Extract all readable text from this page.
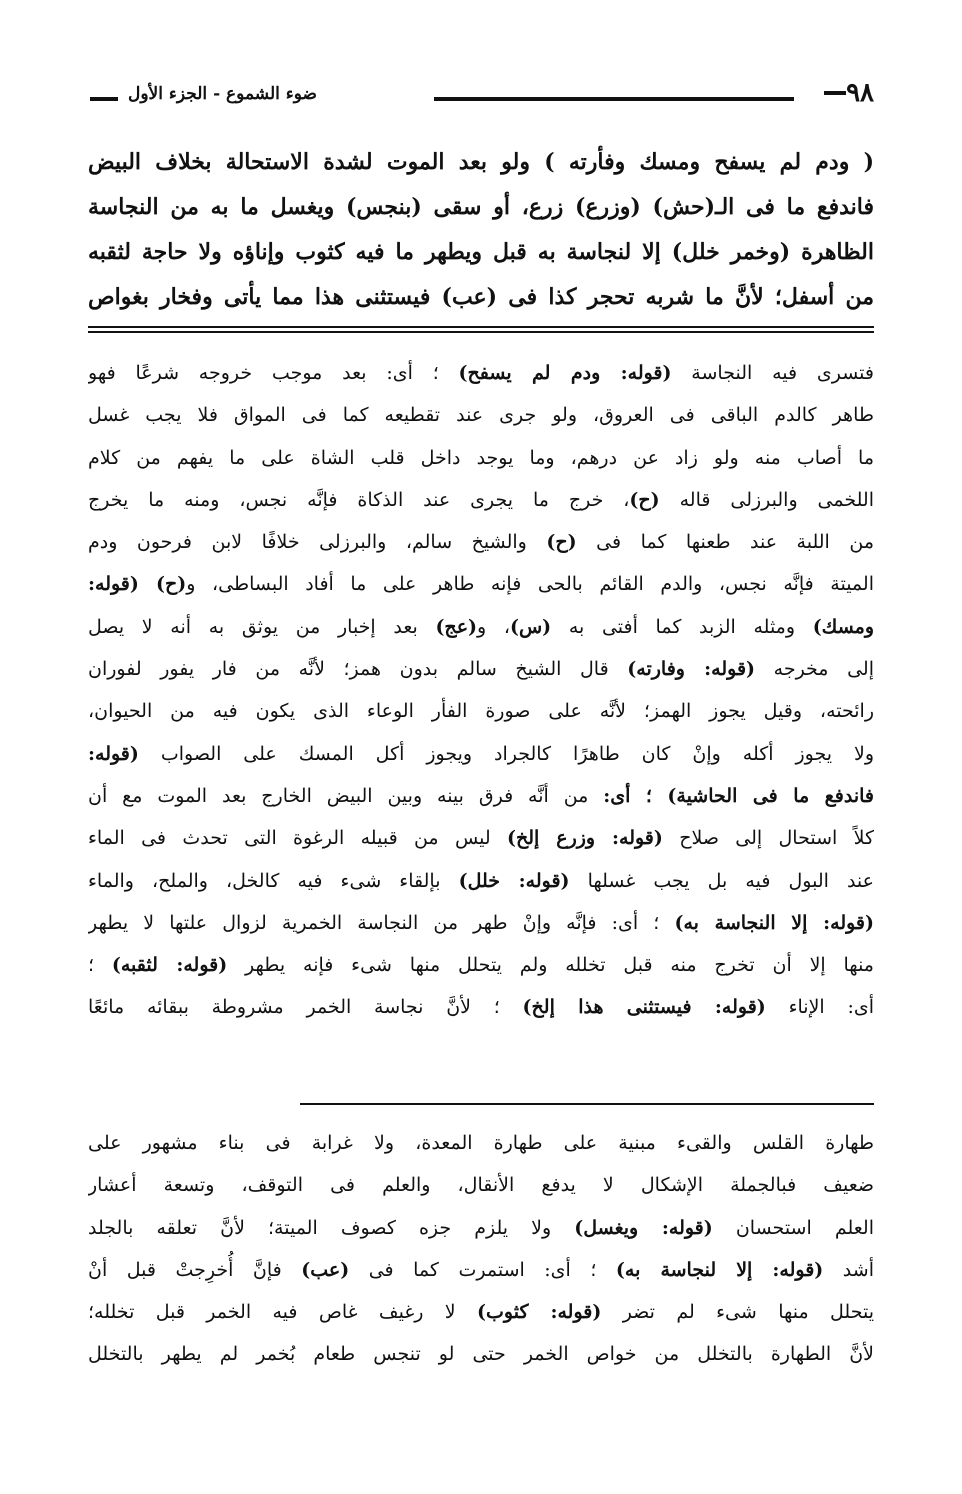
٩٨
ضوء الشموع - الجزء الأول

( ودم لم يسفح ومسك وفأرته ) ولو بعد الموت لشدة الاستحالة بخلاف البيض

فاندفع ما فى الـ(حش) (وزرع) زرع، أو سقى (بنجس) ويغسل ما به من النجاسة

الظاهرة (وخمر خلل) إلا لنجاسة به قبل ويطهر ما فيه كثوب وإناؤه ولا حاجة لثقبه

من أسفل؛ لأنَّ ما شربه تحجر كذا فى (عب) فيستثنى هذا مما يأتى وفخار بغواص

فتسرى فيه النجاسة (قوله: ودم لم يسفح) ؛ أى: بعد موجب خروجه شرعًا فهو

طاهر كالدم الباقى فى العروق، ولو جرى عند تقطيعه كما فى المواق فلا يجب غسل

ما أصاب منه ولو زاد عن درهم، وما يوجد داخل قلب الشاة على ما يفهم من كلام

اللخمى والبرزلى قاله (ح)، خرج ما يجرى عند الذكاة فإنَّه نجس، ومنه ما يخرج

من اللبة عند طعنها كما فى (ح) والشيخ سالم، والبرزلى خلافًا لابن فرحون ودم

الميتة فإنَّه نجس، والدم القائم بالحى فإنه طاهر على ما أفاد البساطى، و(ح) (قوله:

ومسك) ومثله الزبد كما أفتى به (س)، و(عج) بعد إخبار من يوثق به أنه لا يصل

إلى مخرجه (قوله: وفارته) قال الشيخ سالم بدون همز؛ لأنَّه من فار يفور لفوران

رائحته، وقيل يجوز الهمز؛ لأنَّه على صورة الفأر الوعاء الذى يكون فيه من الحيوان،

ولا يجوز أكله وإنْ كان طاهرًا كالجراد ويجوز أكل المسك على الصواب (قوله:

فاندفع ما فى الحاشية) ؛ أى: من أنَّه فرق بينه وبين البيض الخارج بعد الموت مع أن

كلاً استحال إلى صلاح (قوله: وزرع إلخ) ليس من قبيله الرغوة التى تحدث فى الماء

عند البول فيه بل يجب غسلها (قوله: خلل) بإلقاء شىء فيه كالخل، والملح، والماء

(قوله: إلا النجاسة به) ؛ أى: فإنَّه وإنْ طهر من النجاسة الخمرية لزوال علتها لا يطهر

منها إلا أن تخرج منه قبل تخلله ولم يتحلل منها شىء فإنه يطهر (قوله: لثقبه) ؛

أى: الإناء (قوله: فيستثنى هذا إلخ) ؛ لأنَّ نجاسة الخمر مشروطة ببقائه مائعًا

طهارة القلس والقىء مبنية على طهارة المعدة، ولا غرابة فى بناء مشهور على

ضعيف فبالجملة الإشكال لا يدفع الأنقال، والعلم فى التوقف، وتسعة أعشار

العلم استحسان (قوله: ويغسل) ولا يلزم جزه كصوف الميتة؛ لأنَّ تعلقه بالجلد

أشد (قوله: إلا لنجاسة به) ؛ أى: استمرت كما فى (عب) فإنَّ أُخرِجتْ قبل أنْ

يتحلل منها شىء لم تضر (قوله: كثوب) لا رغيف غاص فيه الخمر قبل تخلله؛

لأنَّ الطهارة بالتخلل من خواص الخمر حتى لو تنجس طعام بُخمر لم يطهر بالتخلل
